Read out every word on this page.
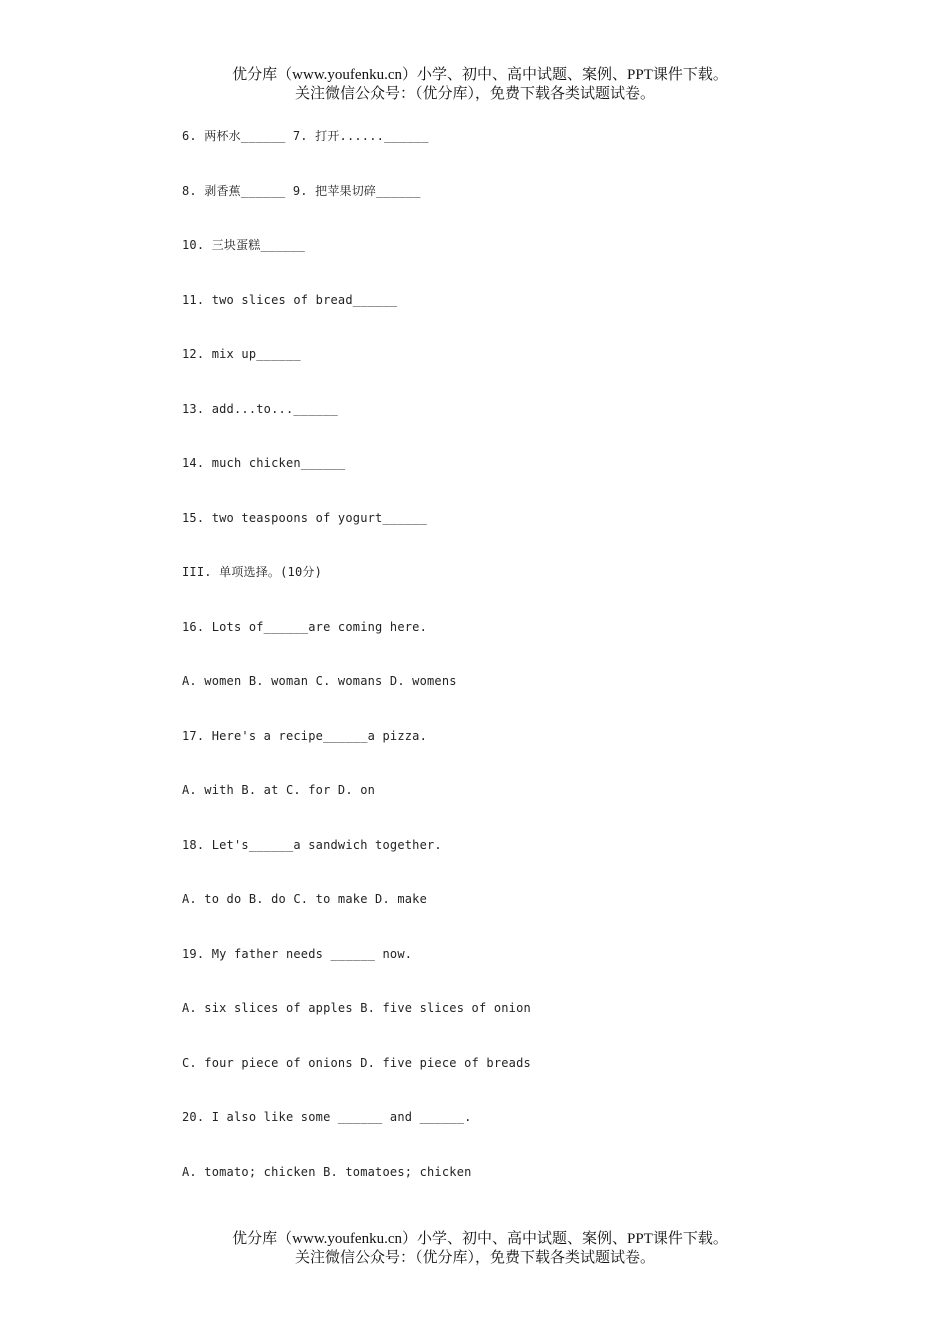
优分库（www.youfenku.cn）小学、初中、高中试题、案例、PPT课件下载。
关注微信公众号：（优分库），免费下载各类试题试卷。
6. 两杯水______ 7. 打开......______
8. 剥香蕉______ 9. 把苹果切碎______
10. 三块蛋糕______
11. two slices of bread______
12. mix up______
13. add...to...______
14. much chicken______
15. two teaspoons of yogurt______
III. 单项选择。(10分)
16. Lots of______are coming here.
A. women B. woman C. womans D. womens
17. Here's a recipe______a pizza.
A. with B. at C. for D. on
18. Let's______a sandwich together.
A. to do B. do C. to make D. make
19. My father needs ______ now.
A. six slices of apples B. five slices of onion
C. four piece of onions D. five piece of breads
20. I also like some ______ and ______.
A. tomato; chicken B. tomatoes; chicken
优分库（www.youfenku.cn）小学、初中、高中试题、案例、PPT课件下载。
关注微信公众号：（优分库），免费下载各类试题试卷。
